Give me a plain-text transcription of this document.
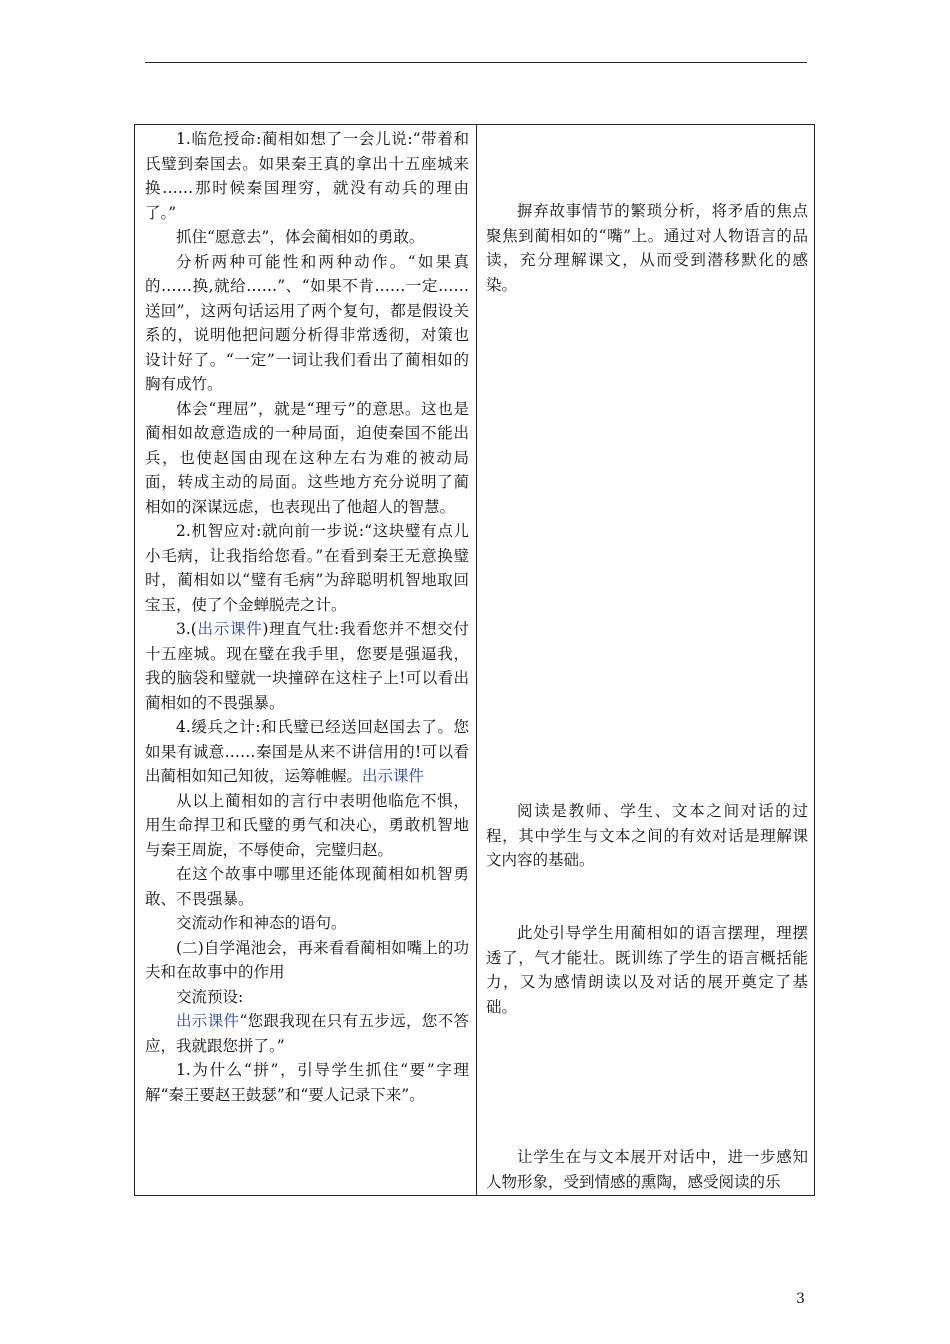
1.临危授命:蔺相如想了一会儿说:“带着和氏璧到秦国去。如果秦王真的拿出十五座城来换……那时候秦国理穷，就没有动兵的理由了。”

抓住“愿意去”，体会蔺相如的勇敢。

分析两种可能性和两种动作。“如果真的……换,就给……”、“如果不肯……一定……送回”，这两句话运用了两个复句，都是假设关系的，说明他把问题分析得非常透彻，对策也设计好了。“一定”一词让我们看出了蔺相如的胸有成竹。

体会“理屈”，就是“理亏”的意思。这也是蔺相如故意造成的一种局面，迫使秦国不能出兵，也使赵国由现在这种左右为难的被动局面，转成主动的局面。这些地方充分说明了蔺相如的深谋远虑，也表现出了他超人的智慧。

2.机智应对:就向前一步说:“这块璧有点儿小毛病，让我指给您看。”在看到秦王无意换璧时，蔺相如以“璧有毛病”为辞聪明机智地取回宝玉，使了个金蝉脱壳之计。

3.(出示课件)理直气壮:我看您并不想交付十五座城。现在璧在我手里，您要是强逼我，我的脑袋和璧就一块撞碎在这柱子上!可以看出蔺相如的不畏强暴。

4.缓兵之计:和氏璧已经送回赵国去了。您如果有诚意……秦国是从来不讲信用的!可以看出蔺相如知己知彼，运筹帷幄。出示课件

从以上蔺相如的言行中表明他临危不惧，用生命捍卫和氏璧的勇气和决心，勇敢机智地与秦王周旋，不辱使命，完璧归赵。

在这个故事中哪里还能体现蔺相如机智勇敢、不畏强暴。

交流动作和神态的语句。

(二)自学渑池会，再来看看蔺相如嘴上的功夫和在故事中的作用

交流预设:

出示课件“您跟我现在只有五步远，您不答应，我就跟您拼了。”

1.为什么“拼”，引导学生抓住“要”字理解“秦王要赵王鼓瑟”和“要人记录下来”。

摒弃故事情节的繁琐分析，将矛盾的焦点聚焦到蔺相如的“嘴”上。通过对人物语言的品读，充分理解课文，从而受到潜移默化的感染。

阅读是教师、学生、文本之间对话的过程，其中学生与文本之间的有效对话是理解课文内容的基础。

此处引导学生用蔺相如的语言摆理，理摆透了，气才能壮。既训练了学生的语言概括能力，又为感情朗读以及对话的展开奠定了基础。

让学生在与文本展开对话中，进一步感知人物形象，受到情感的熏陶，感受阅读的乐

3
